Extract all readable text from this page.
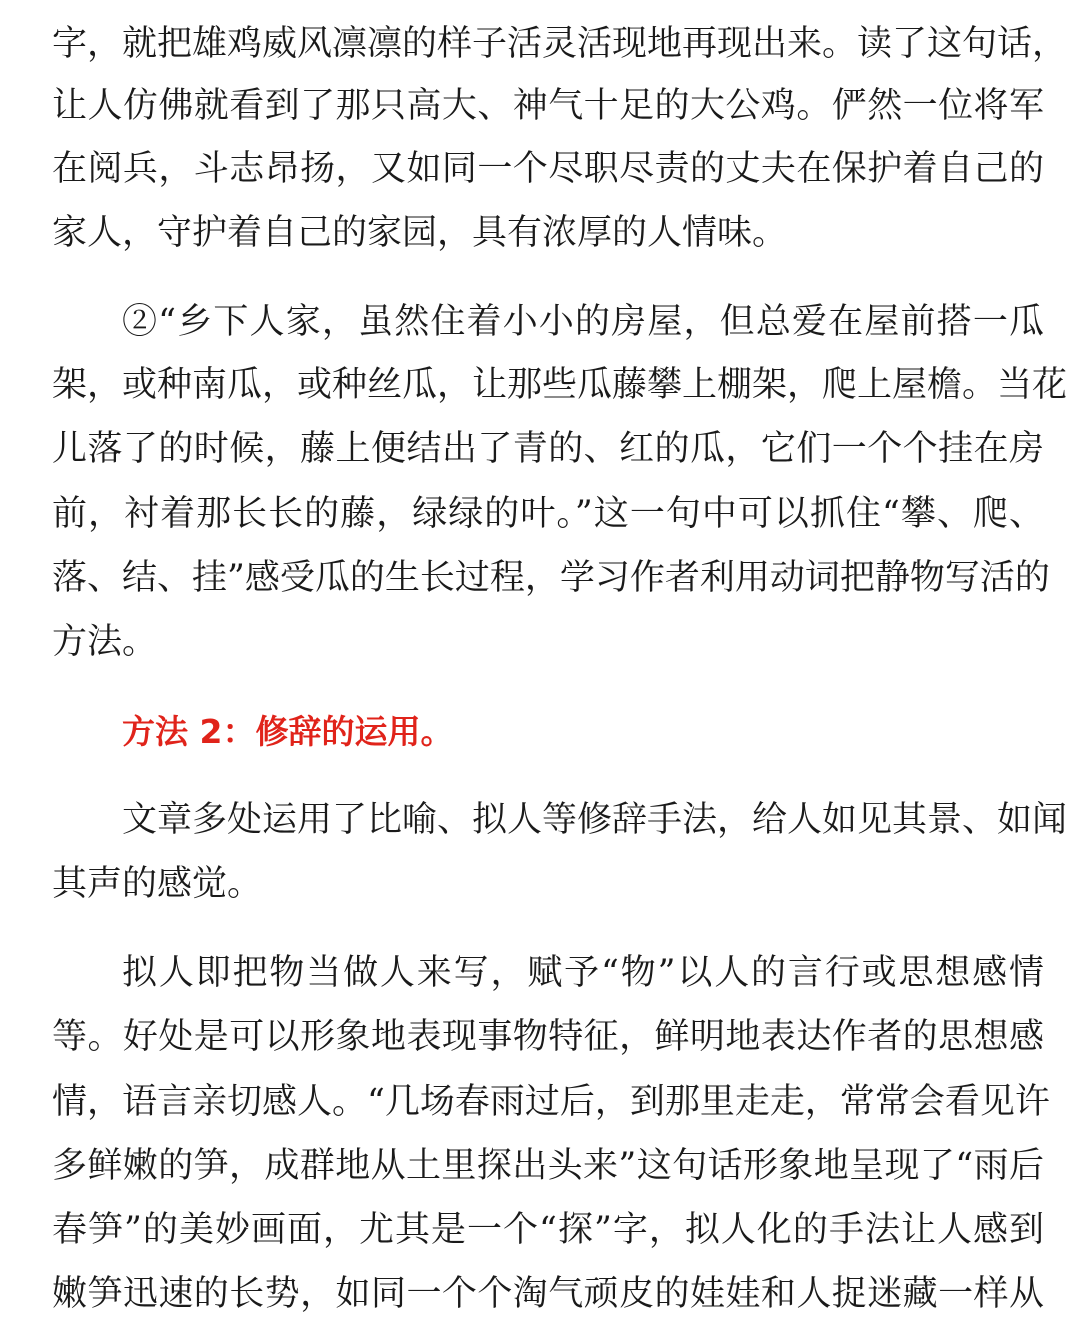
字，就把雄鸡威风凛凛的样子活灵活现地再现出来。读了这句话，
让人仿佛就看到了那只高大、神气十足的大公鸡。俨然一位将军
在阅兵，斗志昂扬，又如同一个尽职尽责的丈夫在保护着自己的
家人，守护着自己的家园，具有浓厚的人情味。
②“乡下人家，虽然住着小小的房屋，但总爱在屋前搭一瓜
架，或种南瓜，或种丝瓜，让那些瓜藤攀上棚架，爬上屋檐。当花
儿落了的时候，藤上便结出了青的、红的瓜，它们一个个挂在房
前，衬着那长长的藤，绿绿的叶。”这一句中可以抓住“攀、爬、
落、结、挂”感受瓜的生长过程，学习作者利用动词把静物写活的
方法。
方法 2：修辞的运用。
文章多处运用了比喻、拟人等修辞手法，给人如见其景、如闻
其声的感觉。
拟人即把物当做人来写，赋予“物”以人的言行或思想感情
等。好处是可以形象地表现事物特征，鲜明地表达作者的思想感
情，语言亲切感人。“几场春雨过后，到那里走走，常常会看见许
多鲜嫩的笋，成群地从土里探出头来”这句话形象地呈现了“雨后
春笋”的美妙画面，尤其是一个“探”字，拟人化的手法让人感到
嫩笋迅速的长势，如同一个个淘气顽皮的娃娃和人捉迷藏一样从
